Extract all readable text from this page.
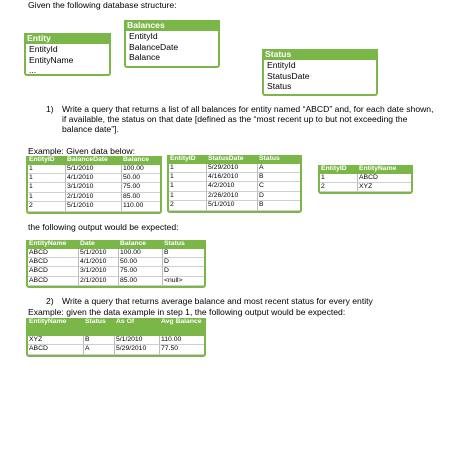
Given the following database structure:
Entity
EntityId
EntityName
...
Balances
EntityId
BalanceDate
Balance	Status
EntityId
StatusDate
Status
1) Write a query that returns a list of all balances for entity named “ABCD” and, for each date shown, if available, the status on that date [defined as the “most recent up to but not exceeding the balance date”].
Example: Given data below:
EntityID	BalanceDate	Balance
1	5/1/2010	100.00
1	4/1/2010	50.00
1	3/1/2010	75.00
1	2/1/2010	85.00
2	5/1/2010	110.00
EntityID	StatusDate	Status
1	5/29/2010	A
1	4/16/2010	B
1	4/2/2010	C
1	2/26/2010	D
2	5/1/2010	B
EntityID	EntityName
1	ABCD
2	XYZ
the following output would be expected:
EntityName	Date	Balance	Status
ABCD	5/1/2010	100.00	B
ABCD	4/1/2010	50.00	D
ABCD	3/1/2010	75.00	D
ABCD	2/1/2010	85.00	<null>
2) Write a query that returns average balance and most recent status for every entity
Example: given the data example in step 1, the following output would be expected:
EntityName	Status	As Of	Avg Balance
XYZ	B	5/1/2010	110.00
ABCD	A	5/29/2010	77.50
